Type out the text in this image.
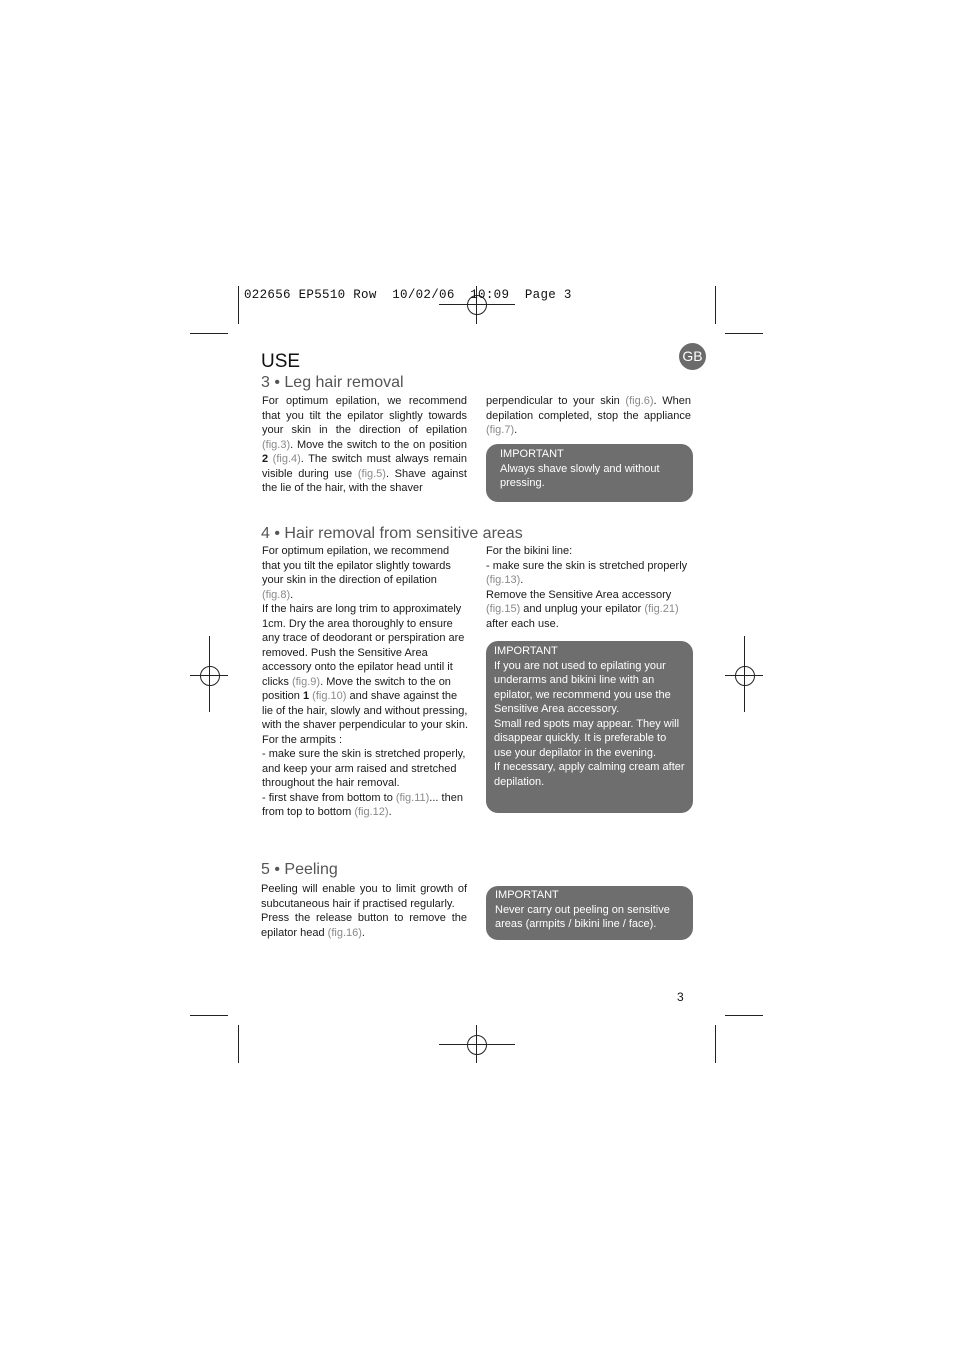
022656 EP5510 Row  10/02/06  10:09  Page 3
USE	GB
3 • Leg hair removal
For optimum epilation, we recommend that you tilt the epilator slightly towards your skin in the direction of epilation (fig.3). Move the switch to the on position 2 (fig.4). The switch must always remain visible during use (fig.5). Shave against the lie of the hair, with the shaver
perpendicular to your skin (fig.6). When depilation completed, stop the appliance (fig.7).
IMPORTANT
Always shave slowly and without pressing.
4 • Hair removal from sensitive areas

For optimum epilation, we recommend that you tilt the epilator slightly towards your skin in the direction of epilation (fig.8).

If the hairs are long trim to approximately 1cm. Dry the area thoroughly to ensure any trace of deodorant or perspiration are removed. Push the Sensitive Area accessory onto the epilator head until it clicks (fig.9). Move the switch to the on position 1 (fig.10) and shave against the lie of the hair, slowly and without pressing, with the shaver perpendicular to your skin.

For the armpits :

- make sure the skin is stretched properly, and keep your arm raised and stretched throughout the hair removal.

- first shave from bottom to (fig.11)... then from top to bottom (fig.12).

For the bikini line:

- make sure the skin is stretched properly (fig.13).

Remove the Sensitive Area accessory (fig.15) and unplug your epilator (fig.21) after each use.

IMPORTANT

If you are not used to epilating your underarms and bikini line with an epilator, we recommend you use the Sensitive Area accessory.

Small red spots may appear. They will disappear quickly. It is preferable to use your depilator in the evening.

If necessary, apply calming cream after depilation.

5 • Peeling

Peeling will enable you to limit growth of subcutaneous hair if practised regularly.

Press the release button to remove the epilator head (fig.16).

IMPORTANT
Never carry out peeling on sensitive areas (armpits / bikini line / face).
3
